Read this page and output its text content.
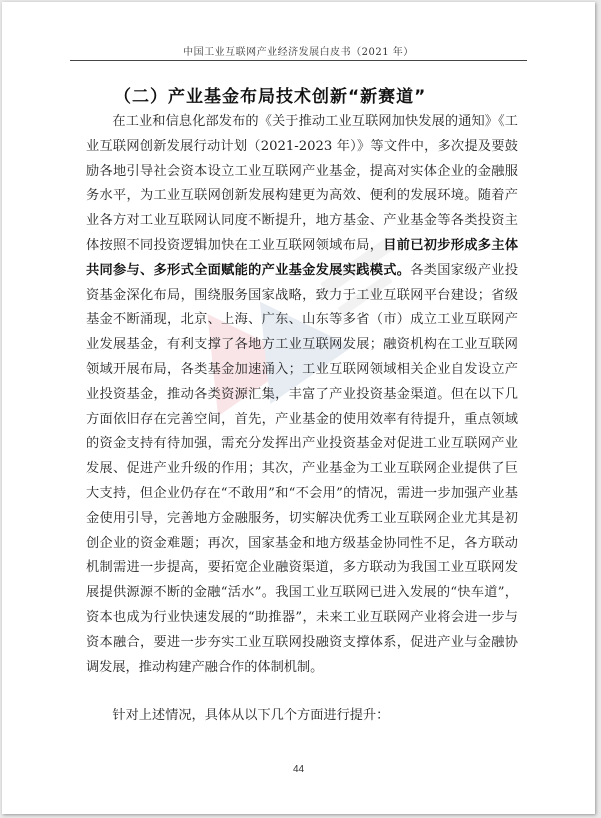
中国工业互联网产业经济发展白皮书（2021 年）
（二）产业基金布局技术创新“新赛道”

在工业和信息化部发布的《关于推动工业互联网加快发展的通知》《工业互联网创新发展行动计划（2021-2023 年）》等文件中，多次提及要鼓励各地引导社会资本设立工业互联网产业基金，提高对实体企业的金融服务水平，为工业互联网创新发展构建更为高效、便利的发展环境。随着产业各方对工业互联网认同度不断提升，地方基金、产业基金等各类投资主体按照不同投资逻辑加快在工业互联网领域布局，目前已初步形成多主体共同参与、多形式全面赋能的产业基金发展实践模式。各类国家级产业投资基金深化布局，围绕服务国家战略，致力于工业互联网平台建设；省级基金不断涌现，北京、上海、广东、山东等多省（市）成立工业互联网产业发展基金，有利支撑了各地方工业互联网发展；融资机构在工业互联网领域开展布局，各类基金加速涌入；工业互联网领域相关企业自发设立产业投资基金，推动各类资源汇集，丰富了产业投资基金渠道。但在以下几方面依旧存在完善空间，首先，产业基金的使用效率有待提升，重点领域的资金支持有待加强，需充分发挥出产业投资基金对促进工业互联网产业发展、促进产业升级的作用；其次，产业基金为工业互联网企业提供了巨大支持，但企业仍存在“不敢用”和“不会用”的情况，需进一步加强产业基金使用引导，完善地方金融服务，切实解决优秀工业互联网企业尤其是初创企业的资金难题；再次，国家基金和地方级基金协同性不足，各方联动机制需进一步提高，要拓宽企业融资渠道，多方联动为我国工业互联网发展提供源源不断的金融“活水”。我国工业互联网已进入发展的“快车道”，资本也成为行业快速发展的“助推器”，未来工业互联网产业将会进一步与资本融合，要进一步夯实工业互联网投融资支撑体系，促进产业与金融协调发展，推动构建产融合作的体制机制。

针对上述情况，具体从以下几个方面进行提升：

44
